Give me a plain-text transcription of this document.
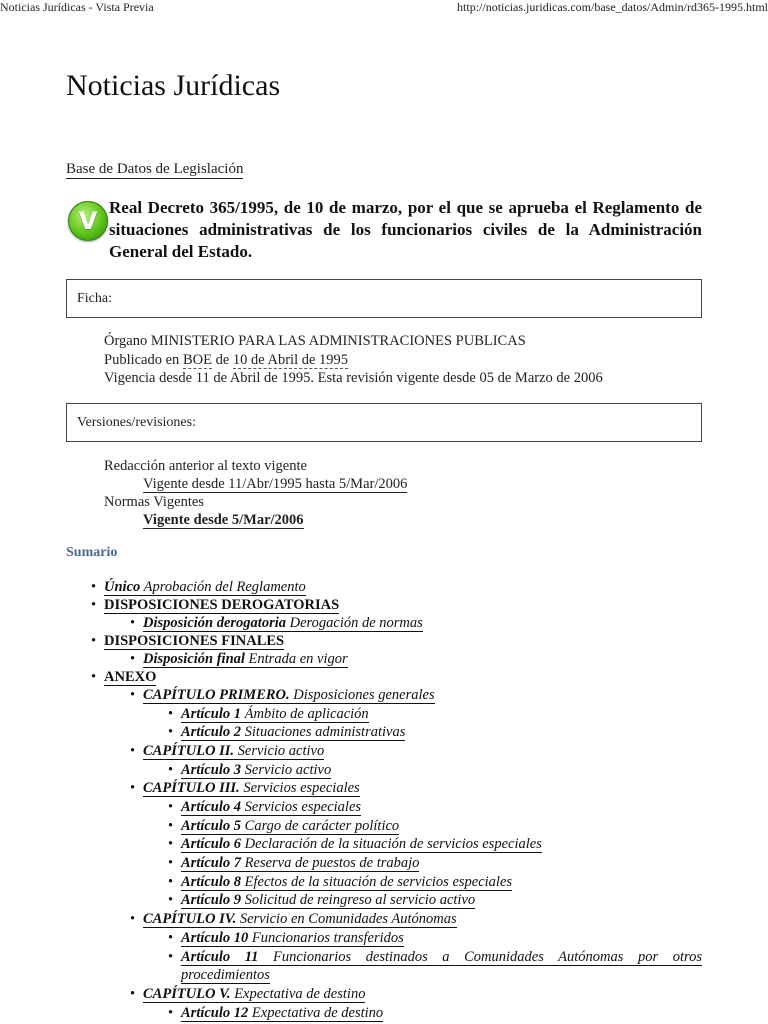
Noticias Jurídicas - Vista Previa	http://noticias.juridicas.com/base_datos/Admin/rd365-1995.html
Noticias Jurídicas
Base de Datos de Legislación
V Real Decreto 365/1995, de 10 de marzo, por el que se aprueba el Reglamento de situaciones administrativas de los funcionarios civiles de la Administración General del Estado.
Ficha:
Órgano MINISTERIO PARA LAS ADMINISTRACIONES PUBLICAS
Publicado en BOE de 10 de Abril de 1995
Vigencia desde 11 de Abril de 1995. Esta revisión vigente desde 05 de Marzo de 2006
Versiones/revisiones:
Redacción anterior al texto vigente
Vigente desde 11/Abr/1995 hasta 5/Mar/2006
Normas Vigentes
Vigente desde 5/Mar/2006
Sumario
• Único Aprobación del Reglamento
• DISPOSICIONES DEROGATORIAS
• Disposición derogatoria Derogación de normas
• DISPOSICIONES FINALES
• Disposición final Entrada en vigor
• ANEXO
• CAPÍTULO PRIMERO. Disposiciones generales
• Artículo 1 Ámbito de aplicación
• Artículo 2 Situaciones administrativas
• CAPÍTULO II. Servicio activo
• Artículo 3 Servicio activo
• CAPÍTULO III. Servicios especiales
• Artículo 4 Servicios especiales
• Artículo 5 Cargo de carácter político
• Artículo 6 Declaración de la situación de servicios especiales
• Artículo 7 Reserva de puestos de trabajo
• Artículo 8 Efectos de la situación de servicios especiales
• Artículo 9 Solicitud de reingreso al servicio activo
• CAPÍTULO IV. Servicio en Comunidades Autónomas
• Artículo 10 Funcionarios transferidos
• Artículo 11 Funcionarios destinados a Comunidades Autónomas por otros procedimientos
• CAPÍTULO V. Expectativa de destino
• Artículo 12 Expectativa de destino
